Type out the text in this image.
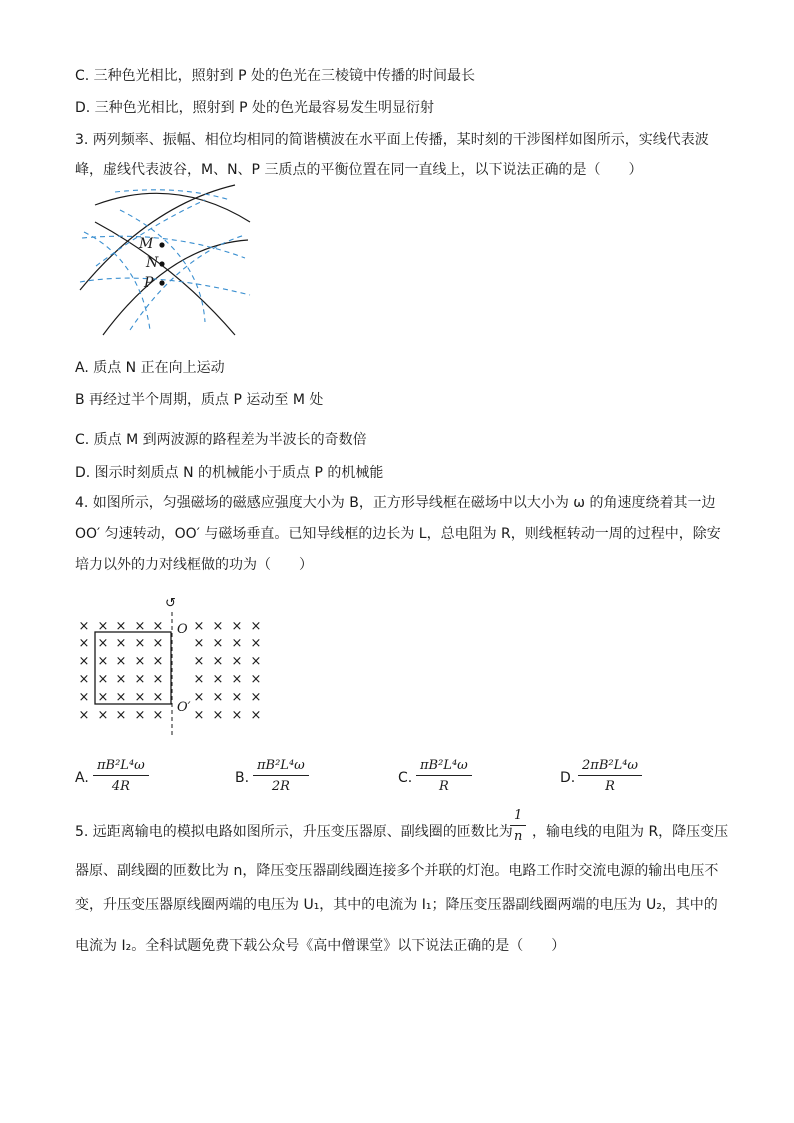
C. 三种色光相比，照射到 P 处的色光在三棱镜中传播的时间最长
D. 三种色光相比，照射到 P 处的色光最容易发生明显衍射
3. 两列频率、振幅、相位均相同的简谐横波在水平面上传播，某时刻的干涉图样如图所示，实线代表波
峰，虚线代表波谷，M、N、P 三质点的平衡位置在同一直线上，以下说法正确的是（　　）
M
N
P
A. 质点 N 正在向上运动
B 再经过半个周期，质点 P 运动至 M 处
C. 质点 M 到两波源的路程差为半波长的奇数倍
D. 图示时刻质点 N 的机械能小于质点 P 的机械能
4. 如图所示，匀强磁场的磁感应强度大小为 B，正方形导线框在磁场中以大小为 ω 的角速度绕着其一边
OO′ 匀速转动，OO′ 与磁场垂直。已知导线框的边长为 L，总电阻为 R，则线框转动一周的过程中，除安
培力以外的力对线框做的功为（　　）
× × × × × × × × ×
× × × × × × × × ×
× × × × × × × × ×
× × × × × × × × ×
× × × × × × × × ×
× × × × × × × × ×
↺
O
O′
A. $\frac{\text{πB²L⁴ω}}{4R}$	B. $\frac{\text{πB²L⁴ω}}{2R}$	C. $\frac{\text{πB²L⁴ω}}{R}$	D. $\frac{\text{2πB²L⁴ω}}{R}$
5. 远距离输电的模拟电路如图所示，升压变压器原、副线圈的匝数比为
$\frac{1}{n}$ ，输电线的电阻为 R，降压变压
器原、副线圈的匝数比为 n，降压变压器副线圈连接多个并联的灯泡。电路工作时交流电源的输出电压不
变，升压变压器原线圈两端的电压为 U₁，其中的电流为 I₁；降压变压器副线圈两端的电压为 U₂，其中的
电流为 I₂。全科试题免费下载公众号《高中僧课堂》以下说法正确的是（　　）
